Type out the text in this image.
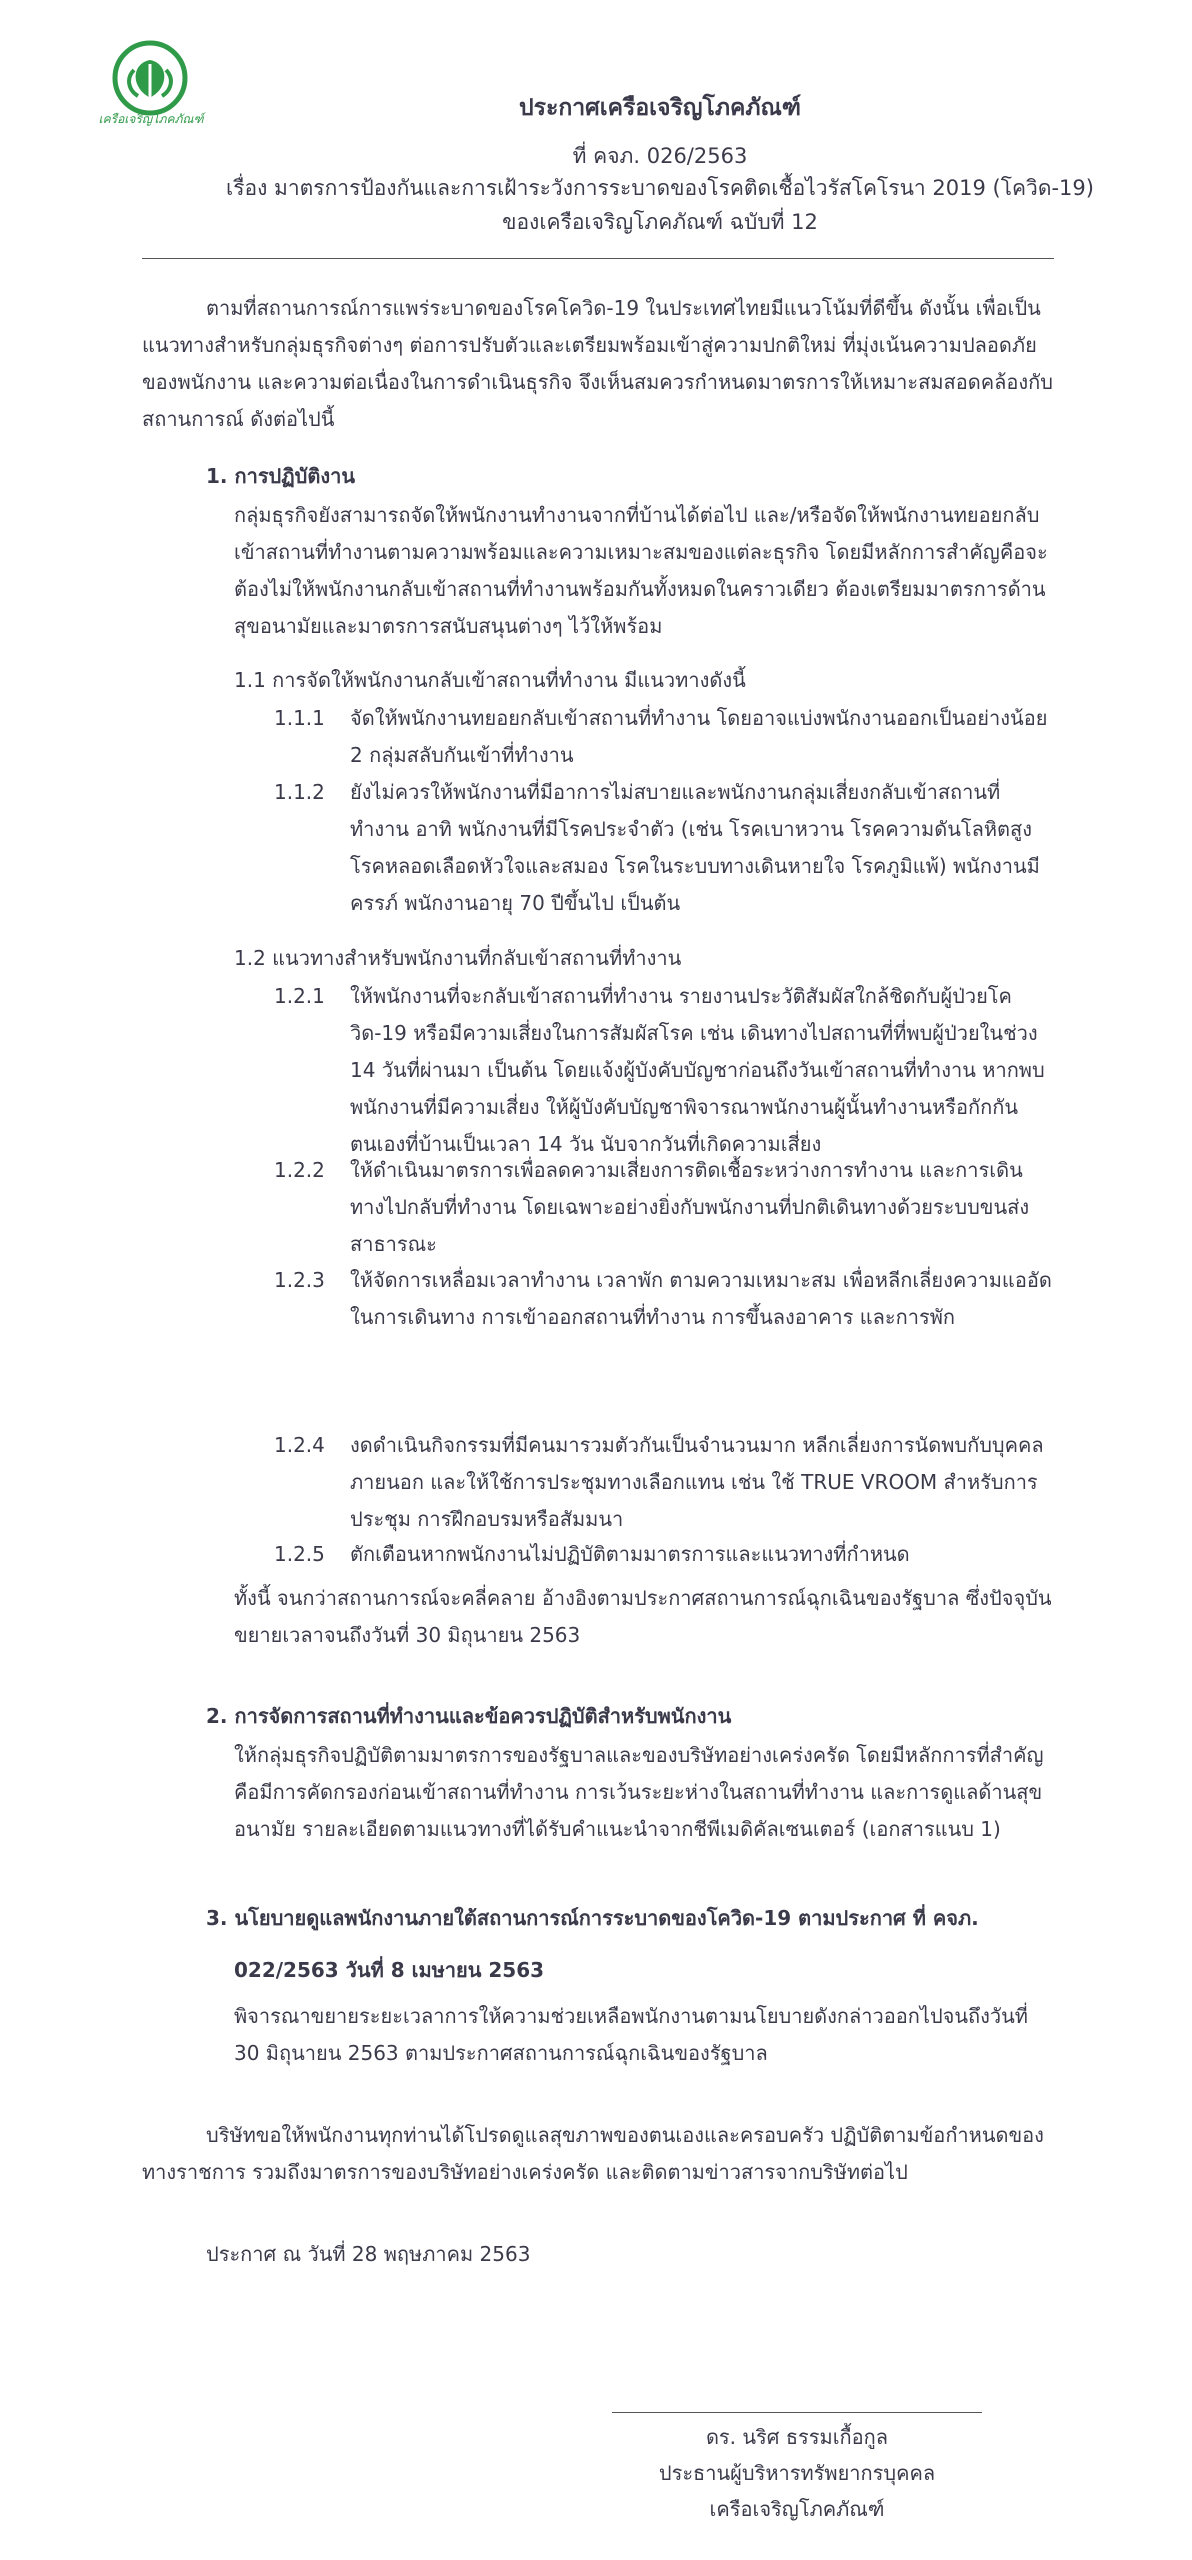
เครือเจริญโภคภัณฑ์	ประกาศเครือเจริญโภคภัณฑ์
ที่ คจภ. 026/2563
เรื่อง มาตรการป้องกันและการเฝ้าระวังการระบาดของโรคติดเชื้อไวรัสโคโรนา 2019 (โควิด-19)
ของเครือเจริญโภคภัณฑ์ ฉบับที่ 12

ตามที่สถานการณ์การแพร่ระบาดของโรคโควิด-19 ในประเทศไทยมีแนวโน้มที่ดีขึ้น ดังนั้น เพื่อเป็นแนวทางสำหรับกลุ่มธุรกิจต่างๆ ต่อการปรับตัวและเตรียมพร้อมเข้าสู่ความปกติใหม่ ที่มุ่งเน้นความปลอดภัยของพนักงาน และความต่อเนื่องในการดำเนินธุรกิจ จึงเห็นสมควรกำหนดมาตรการให้เหมาะสมสอดคล้องกับสถานการณ์ ดังต่อไปนี้

1. การปฏิบัติงาน

กลุ่มธุรกิจยังสามารถจัดให้พนักงานทำงานจากที่บ้านได้ต่อไป และ/หรือจัดให้พนักงานทยอยกลับเข้าสถานที่ทำงานตามความพร้อมและความเหมาะสมของแต่ละธุรกิจ โดยมีหลักการสำคัญคือจะต้องไม่ให้พนักงานกลับเข้าสถานที่ทำงานพร้อมกันทั้งหมดในคราวเดียว ต้องเตรียมมาตรการด้านสุขอนามัยและมาตรการสนับสนุนต่างๆ ไว้ให้พร้อม

1.1 การจัดให้พนักงานกลับเข้าสถานที่ทำงาน มีแนวทางดังนี้
1.1.1 จัดให้พนักงานทยอยกลับเข้าสถานที่ทำงาน โดยอาจแบ่งพนักงานออกเป็นอย่างน้อย 2 กลุ่มสลับกันเข้าที่ทำงาน

1.1.2 ยังไม่ควรให้พนักงานที่มีอาการไม่สบายและพนักงานกลุ่มเสี่ยงกลับเข้าสถานที่ทำงาน อาทิ พนักงานที่มีโรคประจำตัว (เช่น โรคเบาหวาน โรคความดันโลหิตสูง โรคหลอดเลือดหัวใจและสมอง โรคในระบบทางเดินหายใจ โรคภูมิแพ้) พนักงานมีครรภ์ พนักงานอายุ 70 ปีขึ้นไป เป็นต้น

1.2 แนวทางสำหรับพนักงานที่กลับเข้าสถานที่ทำงาน
1.2.1 ให้พนักงานที่จะกลับเข้าสถานที่ทำงาน รายงานประวัติสัมผัสใกล้ชิดกับผู้ป่วยโควิด-19 หรือมีความเสี่ยงในการสัมผัสโรค เช่น เดินทางไปสถานที่ที่พบผู้ป่วยในช่วง 14 วันที่ผ่านมา เป็นต้น โดยแจ้งผู้บังคับบัญชาก่อนถึงวันเข้าสถานที่ทำงาน หากพบพนักงานที่มีความเสี่ยง ให้ผู้บังคับบัญชาพิจารณาพนักงานผู้นั้นทำงานหรือกักกันตนเองที่บ้านเป็นเวลา 14 วัน นับจากวันที่เกิดความเสี่ยง

1.2.2 ให้ดำเนินมาตรการเพื่อลดความเสี่ยงการติดเชื้อระหว่างการทำงาน และการเดินทางไปกลับที่ทำงาน โดยเฉพาะอย่างยิ่งกับพนักงานที่ปกติเดินทางด้วยระบบขนส่งสาธารณะ

1.2.3 ให้จัดการเหลื่อมเวลาทำงาน เวลาพัก ตามความเหมาะสม เพื่อหลีกเลี่ยงความแออัดในการเดินทาง การเข้าออกสถานที่ทำงาน การขึ้นลงอาคาร และการพัก

1.2.4 งดดำเนินกิจกรรมที่มีคนมารวมตัวกันเป็นจำนวนมาก หลีกเลี่ยงการนัดพบกับบุคคลภายนอก และให้ใช้การประชุมทางเลือกแทน เช่น ใช้ TRUE VROOM สำหรับการประชุม การฝึกอบรมหรือสัมมนา

1.2.5 ตักเตือนหากพนักงานไม่ปฏิบัติตามมาตรการและแนวทางที่กำหนด

ทั้งนี้ จนกว่าสถานการณ์จะคลี่คลาย อ้างอิงตามประกาศสถานการณ์ฉุกเฉินของรัฐบาล ซึ่งปัจจุบันขยายเวลาจนถึงวันที่ 30 มิถุนายน 2563

2. การจัดการสถานที่ทำงานและข้อควรปฏิบัติสำหรับพนักงาน

ให้กลุ่มธุรกิจปฏิบัติตามมาตรการของรัฐบาลและของบริษัทอย่างเคร่งครัด โดยมีหลักการที่สำคัญคือมีการคัดกรองก่อนเข้าสถานที่ทำงาน การเว้นระยะห่างในสถานที่ทำงาน และการดูแลด้านสุขอนามัย รายละเอียดตามแนวทางที่ได้รับคำแนะนำจากชีพีเมดิคัลเซนเตอร์ (เอกสารแนบ 1)

3. นโยบายดูแลพนักงานภายใต้สถานการณ์การระบาดของโควิด-19 ตามประกาศ ที่ คจภ.
022/2563 วันที่ 8 เมษายน 2563

พิจารณาขยายระยะเวลาการให้ความช่วยเหลือพนักงานตามนโยบายดังกล่าวออกไปจนถึงวันที่ 30 มิถุนายน 2563 ตามประกาศสถานการณ์ฉุกเฉินของรัฐบาล

บริษัทขอให้พนักงานทุกท่านได้โปรดดูแลสุขภาพของตนเองและครอบครัว ปฏิบัติตามข้อกำหนดของทางราชการ รวมถึงมาตรการของบริษัทอย่างเคร่งครัด และติดตามข่าวสารจากบริษัทต่อไป

ประกาศ ณ วันที่ 28 พฤษภาคม 2563

ดร. นริศ ธรรมเกื้อกูล
ประธานผู้บริหารทรัพยากรบุคคล
เครือเจริญโภคภัณฑ์
